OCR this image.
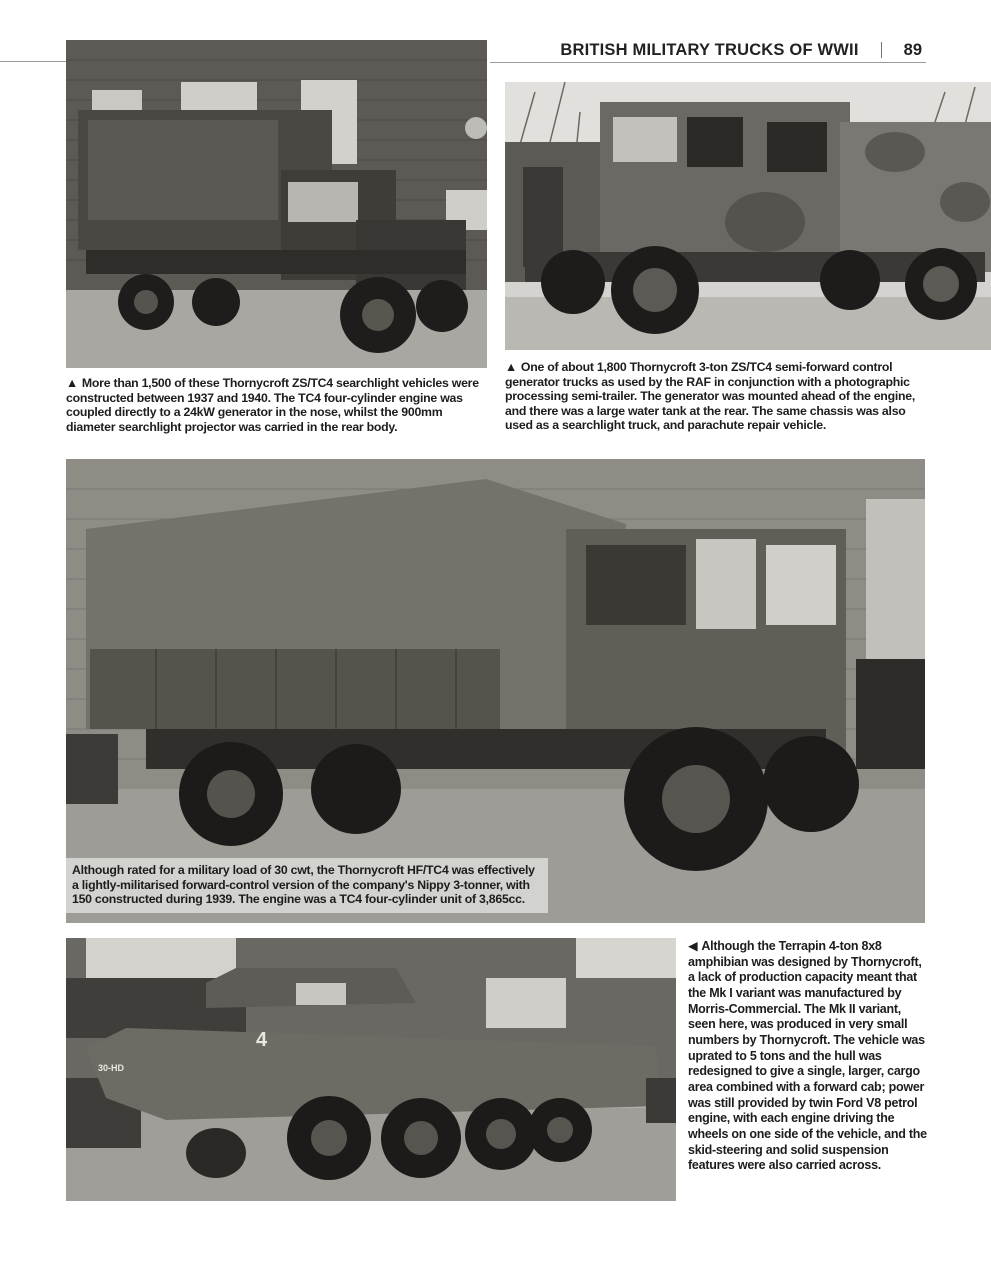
BRITISH MILITARY TRUCKS OF WWII	89
▲ More than 1,500 of these Thornycroft ZS/TC4 searchlight vehicles were constructed between 1937 and 1940. The TC4 four-cylinder engine was coupled directly to a 24kW generator in the nose, whilst the 900mm diameter searchlight projector was carried in the rear body.
▲ One of about 1,800 Thornycroft 3-ton ZS/TC4 semi-forward control generator trucks as used by the RAF in conjunction with a photographic processing semi-trailer. The generator was mounted ahead of the engine, and there was a large water tank at the rear. The same chassis was also used as a searchlight truck, and parachute repair vehicle.
Although rated for a military load of 30 cwt, the Thornycroft HF/TC4 was effectively a lightly-militarised forward-control version of the company's Nippy 3-tonner, with 150 constructed during 1939. The engine was a TC4 four-cylinder unit of 3,865cc.
4
30-HD
◀ Although the Terrapin 4-ton 8x8 amphibian was designed by Thornycroft, a lack of production capacity meant that the Mk I variant was manufactured by Morris-Commercial. The Mk II variant, seen here, was produced in very small numbers by Thornycroft. The vehicle was uprated to 5 tons and the hull was redesigned to give a single, larger, cargo area combined with a forward cab; power was still provided by twin Ford V8 petrol engine, with each engine driving the wheels on one side of the vehicle, and the skid-steering and solid suspension features were also carried across.
